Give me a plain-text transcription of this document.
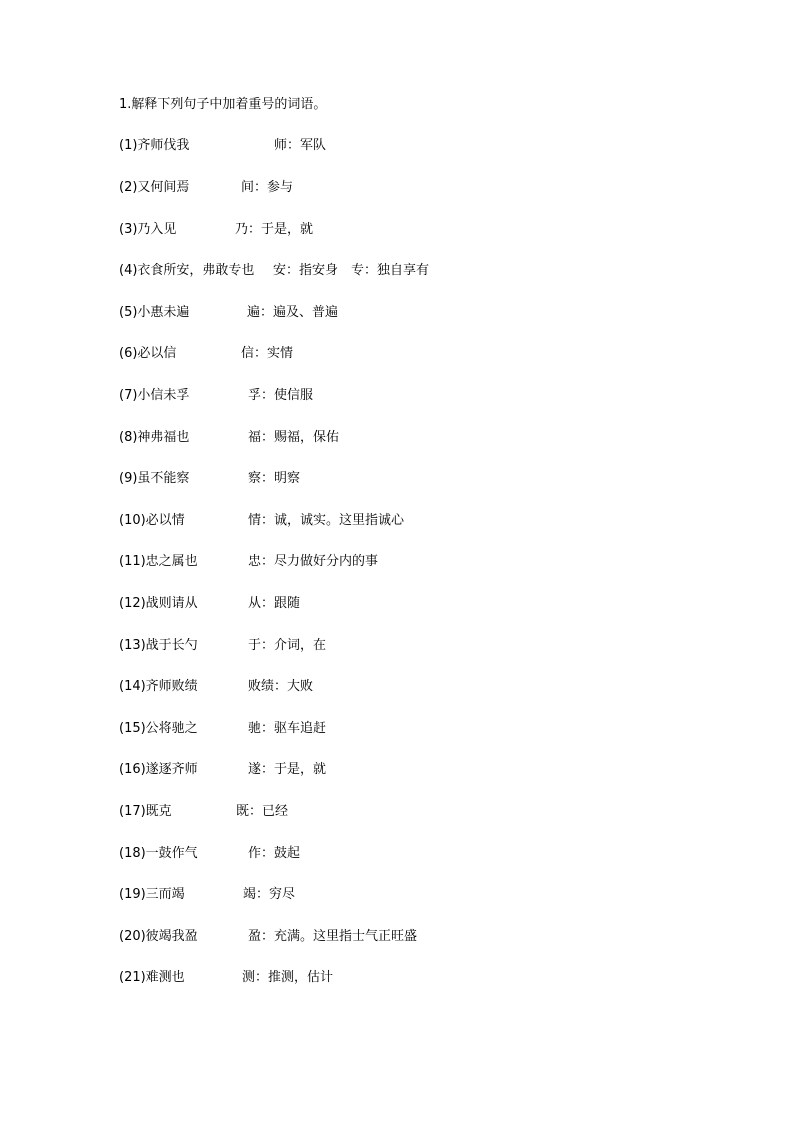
1.解释下列句子中加着重号的词语。
(1)齐师伐我	师：军队
(2)又何间焉	间：参与
(3)乃入见	乃：于是，就
(4)衣食所安，弗敢专也 安：指安身　专：独自享有
(5)小惠未遍	遍：遍及、普遍
(6)必以信	信：实情
(7)小信未孚	孚：使信服
(8)神弗福也	福：赐福，保佑
(9)虽不能察	察：明察
(10)必以情	情：诚，诚实。这里指诚心
(11)忠之属也	忠：尽力做好分内的事
(12)战则请从	从：跟随
(13)战于长勺	于：介词，在
(14)齐师败绩	败绩：大败
(15)公将驰之	驰：驱车追赶
(16)遂逐齐师	遂：于是，就
(17)既克	既：已经
(18)一鼓作气	作：鼓起
(19)三而竭	竭：穷尽
(20)彼竭我盈	盈：充满。这里指士气正旺盛
(21)难测也	测：推测，估计
